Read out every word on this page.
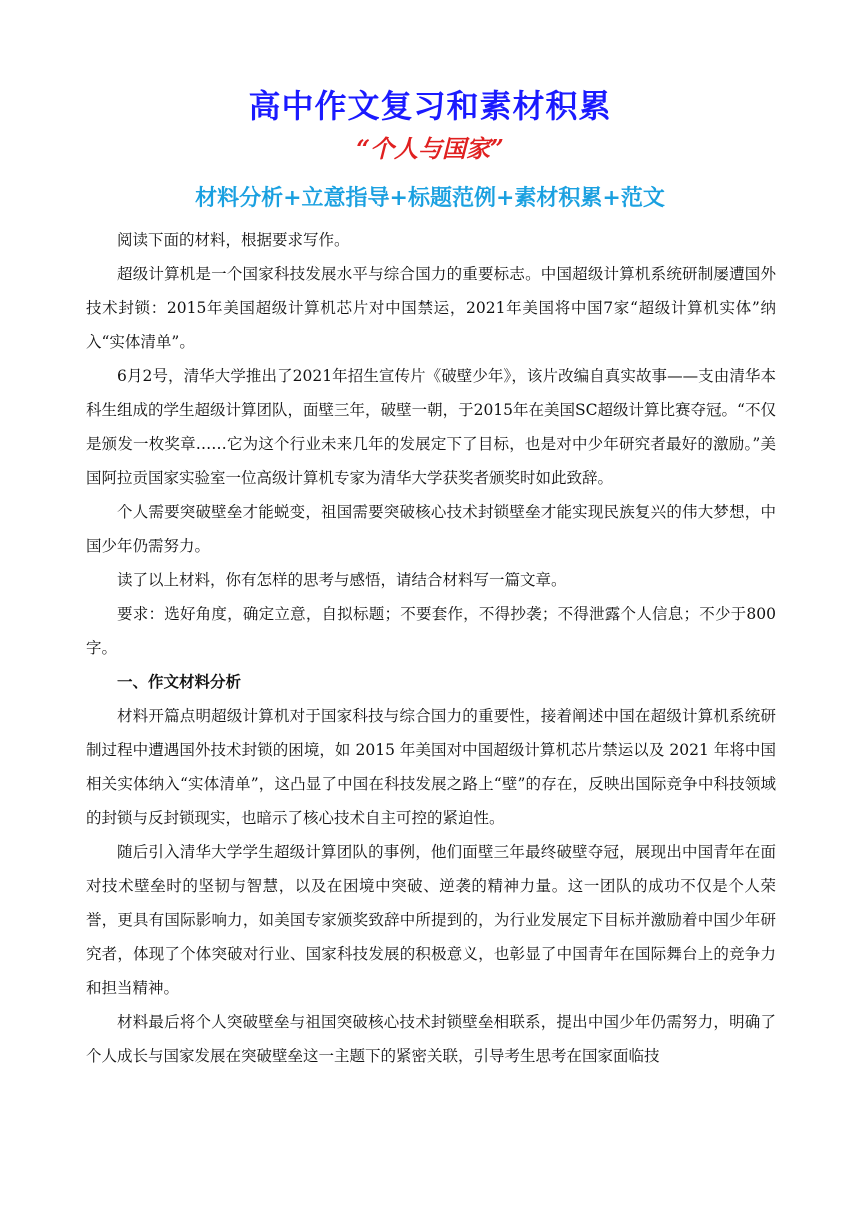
高中作文复习和素材积累
“个人与国家”
材料分析+立意指导+标题范例+素材积累+范文

阅读下面的材料，根据要求写作。

超级计算机是一个国家科技发展水平与综合国力的重要标志。中国超级计算机系统研制屡遭国外技术封锁：2015年美国超级计算机芯片对中国禁运，2021年美国将中国7家“超级计算机实体”纳入“实体清单”。

6月2号，清华大学推出了2021年招生宣传片《破壁少年》，该片改编自真实故事——支由清华本科生组成的学生超级计算团队，面壁三年，破壁一朝，于2015年在美国SC超级计算比赛夺冠。“不仅是颁发一枚奖章……它为这个行业未来几年的发展定下了目标，也是对中少年研究者最好的激励。”美国阿拉贡国家实验室一位高级计算机专家为清华大学获奖者颁奖时如此致辞。

个人需要突破壁垒才能蜕变，祖国需要突破核心技术封锁壁垒才能实现民族复兴的伟大梦想，中国少年仍需努力。

读了以上材料，你有怎样的思考与感悟，请结合材料写一篇文章。

要求：选好角度，确定立意，自拟标题；不要套作，不得抄袭；不得泄露个人信息；不少于800字。

一、作文材料分析

材料开篇点明超级计算机对于国家科技与综合国力的重要性，接着阐述中国在超级计算机系统研制过程中遭遇国外技术封锁的困境，如 2015 年美国对中国超级计算机芯片禁运以及 2021 年将中国相关实体纳入“实体清单”，这凸显了中国在科技发展之路上“壁”的存在，反映出国际竞争中科技领域的封锁与反封锁现实，也暗示了核心技术自主可控的紧迫性。

随后引入清华大学学生超级计算团队的事例，他们面壁三年最终破壁夺冠，展现出中国青年在面对技术壁垒时的坚韧与智慧，以及在困境中突破、逆袭的精神力量。这一团队的成功不仅是个人荣誉，更具有国际影响力，如美国专家颁奖致辞中所提到的，为行业发展定下目标并激励着中国少年研究者，体现了个体突破对行业、国家科技发展的积极意义，也彰显了中国青年在国际舞台上的竞争力和担当精神。

材料最后将个人突破壁垒与祖国突破核心技术封锁壁垒相联系，提出中国少年仍需努力，明确了个人成长与国家发展在突破壁垒这一主题下的紧密关联，引导考生思考在国家面临技
